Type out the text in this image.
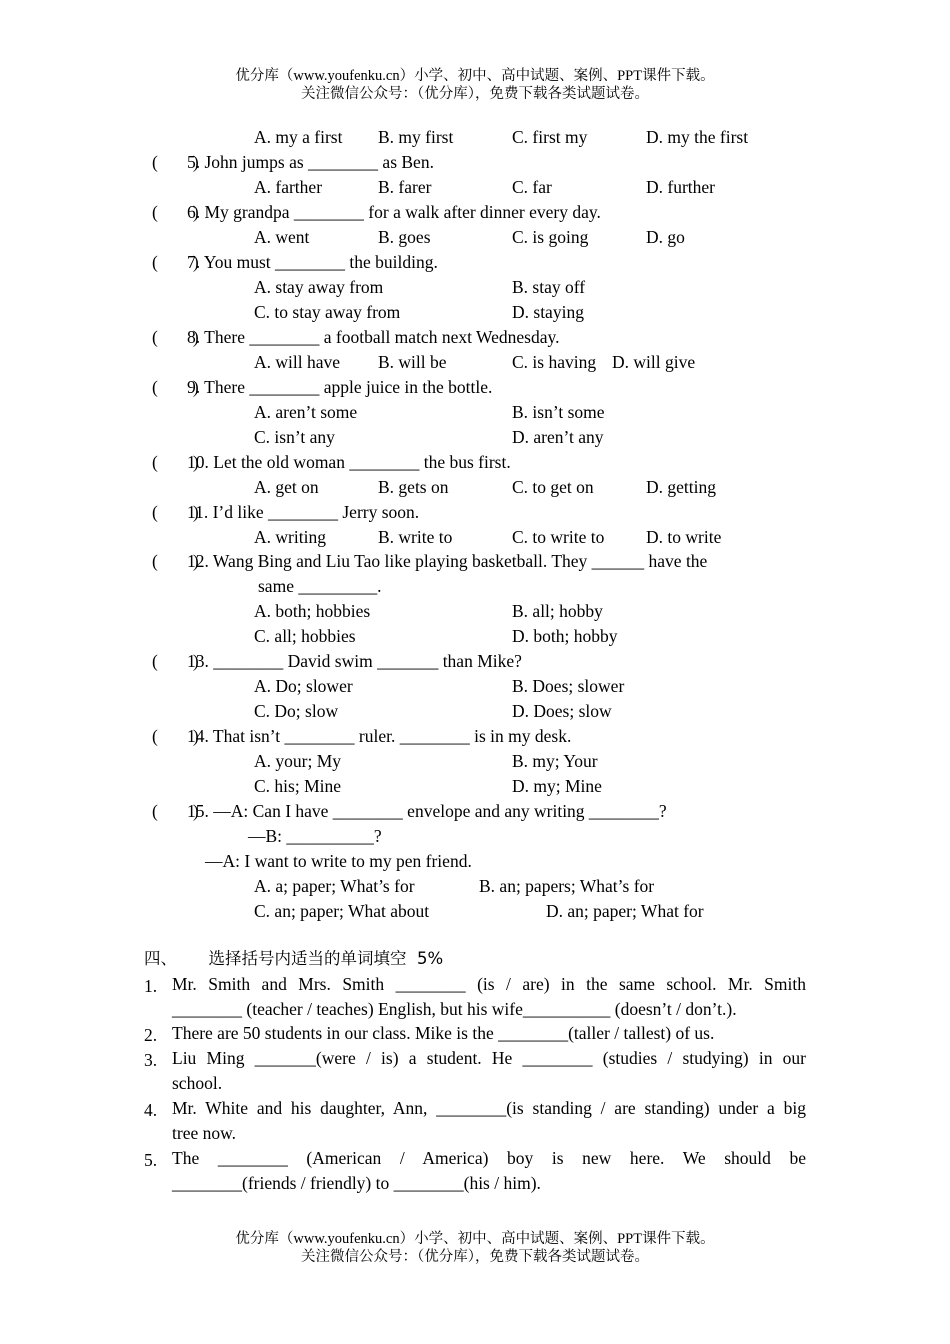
优分库（www.youfenku.cn）小学、初中、高中试题、案例、PPT课件下载。
关注微信公众号：（优分库），免费下载各类试题试卷。
A. my a first B. my first	C. first my	D. my the first
(        )
5. John jumps as ________ as Ben.
A. farther	B. farer	C. far	D. further
(        )
6. My grandpa ________ for a walk after dinner every day.
A. went	B. goes	C. is going	D. go
(        )
7. You must ________ the building.
A. stay away from	B. stay off
C. to stay away from	D. staying
(        )
8. There ________ a football match next Wednesday.
A. will have B. will be	C. is having D. will give
(        )
9. There ________ apple juice in the bottle.
A. aren’t some	B. isn’t some
C. isn’t any	D. aren’t any
(        )
10. Let the old woman ________ the bus first.
A. get on	B. gets on	C. to get on	D. getting
(        )
11. I’d like ________ Jerry soon.
A. writing	B. write to	C. to write to D. to write
(        )
12. Wang Bing and Liu Tao like playing basketball. They ______ have the
same _________.
A. both; hobbies	B. all; hobby
C. all; hobbies	D. both; hobby
(        )
13. ________ David swim _______ than Mike?
A. Do; slower	B. Does; slower
C. Do; slow	D. Does; slow
(        )
14. That isn’t ________ ruler. ________ is in my desk.
A. your; My	B. my; Your
C. his; Mine	D. my; Mine
(        )
15. —A: Can I have ________ envelope and any writing ________?
—B: __________?
—A: I want to write to my pen friend.
A. a; paper; What’s for	B. an; papers; What’s for
C. an; paper; What about	D. an; paper; What for
四、      选择括号内适当的单词填空  5%
1. Mr. Smith and Mrs. Smith ________ (is / are) in the same school. Mr. Smith
________ (teacher / teaches) English, but his wife__________ (doesn’t / don’t.).
2. There are 50 students in our class. Mike is the ________(taller / tallest) of us.
3. Liu Ming _______(were / is) a student. He ________ (studies / studying) in our
school.
4. Mr. White and his daughter, Ann, ________(is standing / are standing) under a big
tree now.
5. The ________ (American / America) boy is new here. We should be
________(friends / friendly) to ________(his / him).
优分库（www.youfenku.cn）小学、初中、高中试题、案例、PPT课件下载。
关注微信公众号：（优分库），免费下载各类试题试卷。
